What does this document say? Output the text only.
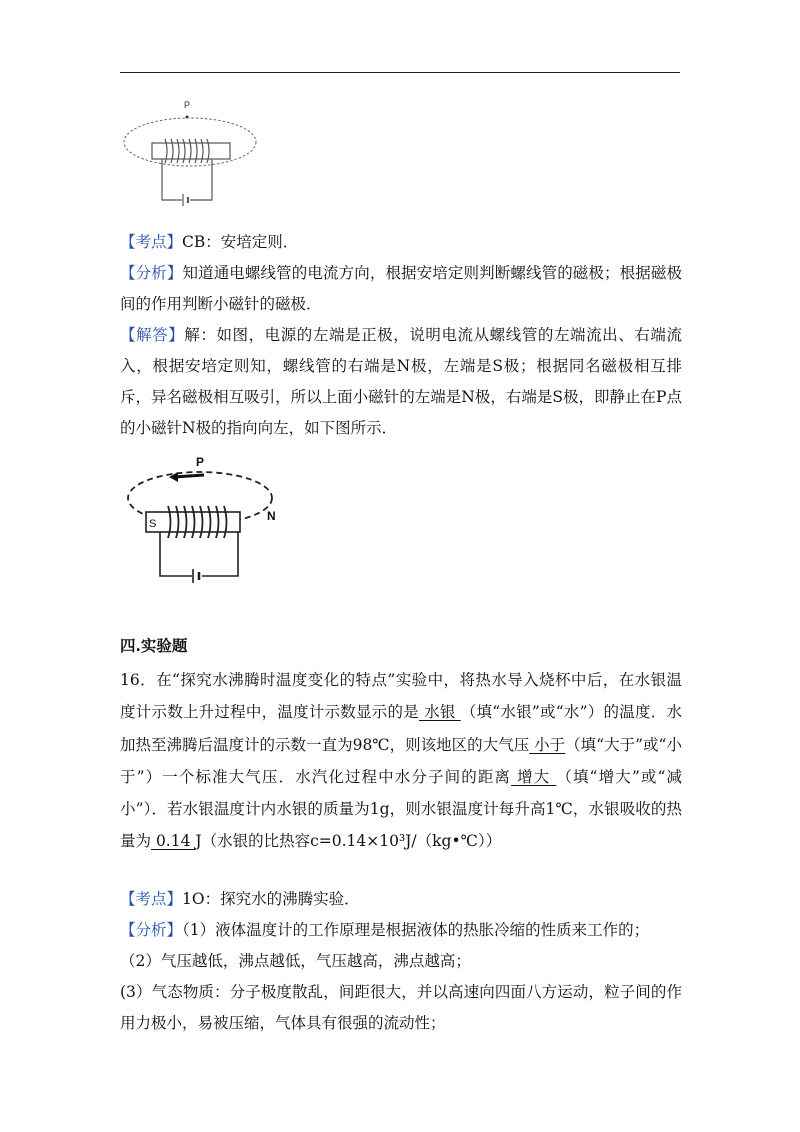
P

【考点】CB：安培定则．

【分析】知道通电螺线管的电流方向，根据安培定则判断螺线管的磁极；根据磁极间的作用判断小磁针的磁极．

【解答】解：如图，电源的左端是正极，说明电流从螺线管的左端流出、右端流入，根据安培定则知，螺线管的右端是N极，左端是S极；根据同名磁极相互排斥，异名磁极相互吸引，所以上面小磁针的左端是N极，右端是S极，即静止在P点的小磁针N极的指向向左，如下图所示．

P
S
N
四.实验题

16．在“探究水沸腾时温度变化的特点”实验中，将热水导入烧杯中后，在水银温度计示数上升过程中，温度计示数显示的是 水银 （填“水银”或“水”）的温度．水加热至沸腾后温度计的示数一直为98℃，则该地区的大气压 小于（填“大于”或“小于”）一个标准大气压．水汽化过程中水分子间的距离 增大 （填“增大”或“减小”）．若水银温度计内水银的质量为1g，则水银温度计每升高1℃，水银吸收的热量为 0.14 J（水银的比热容c=0.14×10³J/（kg•℃））

【考点】1O：探究水的沸腾实验．

【分析】（1）液体温度计的工作原理是根据液体的热胀冷缩的性质来工作的；

（2）气压越低，沸点越低，气压越高，沸点越高；

(3）气态物质：分子极度散乱，间距很大，并以高速向四面八方运动，粒子间的作用力极小，易被压缩，气体具有很强的流动性；
